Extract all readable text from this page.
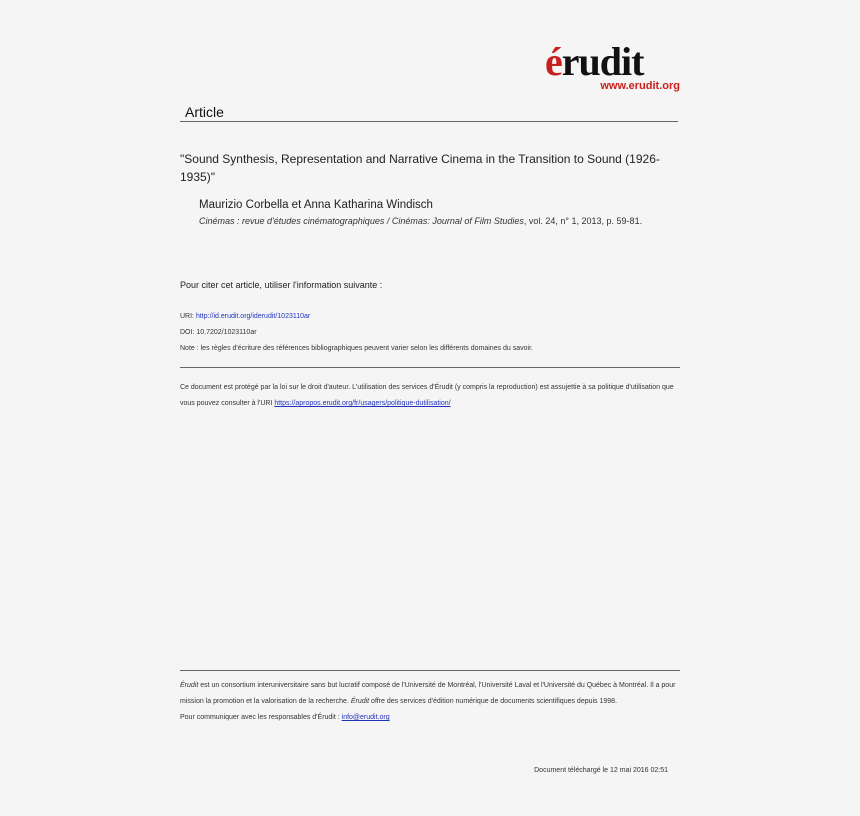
érudit
www.erudit.org
Article
"Sound Synthesis, Representation and Narrative Cinema in the Transition to Sound (1926-1935)"
Maurizio Corbella et Anna Katharina Windisch
Cinémas : revue d'études cinématographiques / Cinémas: Journal of Film Studies, vol. 24, n° 1, 2013, p. 59-81.
Pour citer cet article, utiliser l'information suivante :
URI: http://id.erudit.org/iderudit/1023110ar
DOI: 10.7202/1023110ar
Note : les règles d'écriture des références bibliographiques peuvent varier selon les différents domaines du savoir.
Ce document est protégé par la loi sur le droit d'auteur. L'utilisation des services d'Érudit (y compris la reproduction) est assujettie à sa politique d'utilisation que vous pouvez consulter à l'URI https://apropos.erudit.org/fr/usagers/politique-dutilisation/
Érudit est un consortium interuniversitaire sans but lucratif composé de l'Université de Montréal, l'Université Laval et l'Université du Québec à Montréal. Il a pour mission la promotion et la valorisation de la recherche. Érudit offre des services d'édition numérique de documents scientifiques depuis 1998.
Pour communiquer avec les responsables d'Érudit : info@erudit.org
Document téléchargé le 12 mai 2016 02:51
